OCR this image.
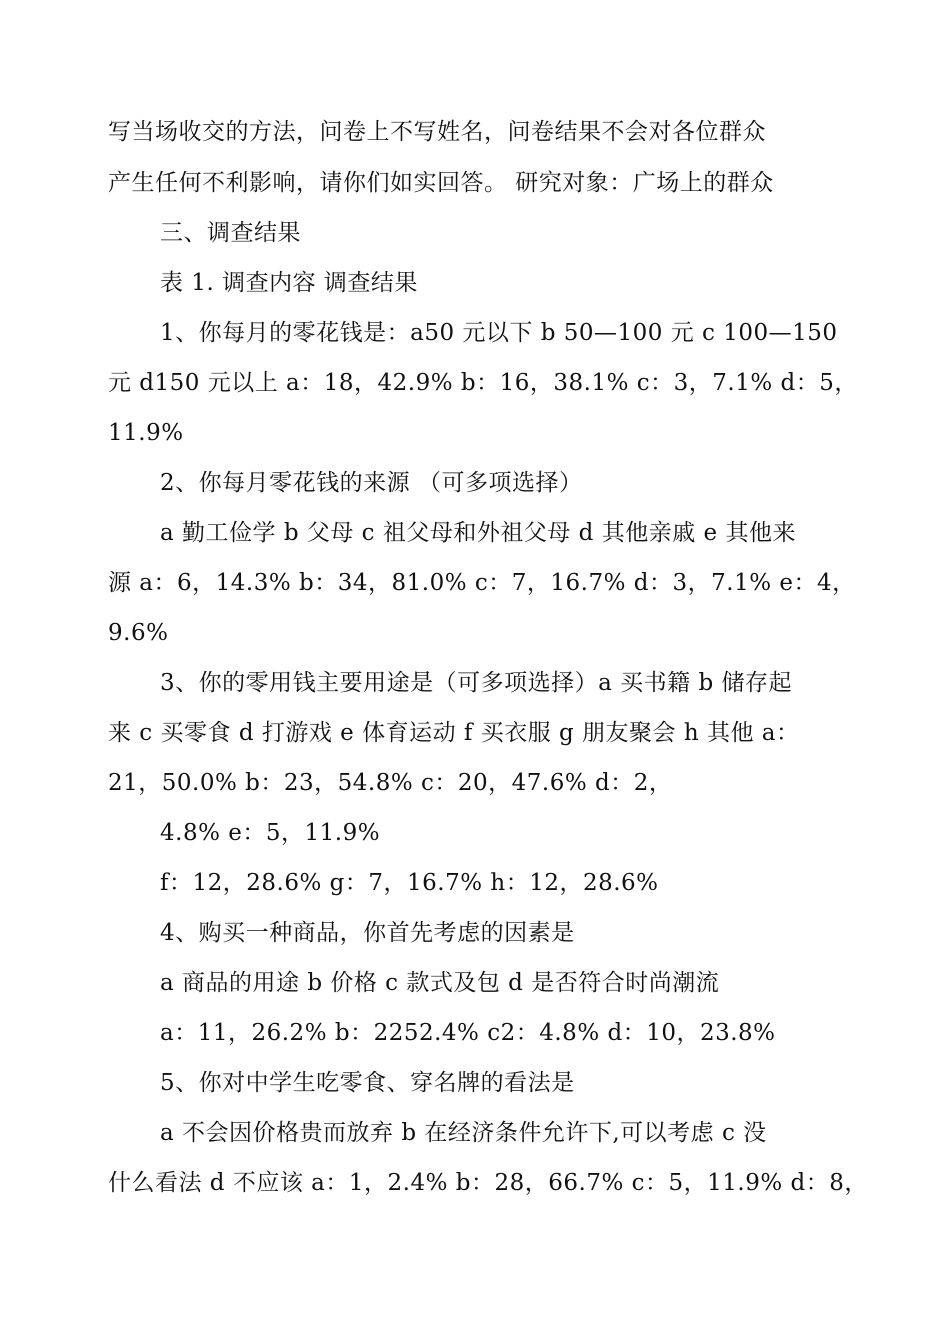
写当场收交的方法，问卷上不写姓名，问卷结果不会对各位群众
产生任何不利影响，请你们如实回答。 研究对象：广场上的群众
三、调查结果
表 1. 调查内容 调查结果
1、你每月的零花钱是：a50 元以下 b 50—100 元 c 100—150
元 d150 元以上 a：18，42.9% b：16，38.1% c：3，7.1% d：5，
11.9%
2、你每月零花钱的来源 （可多项选择）
a 勤工俭学 b 父母 c 祖父母和外祖父母 d 其他亲戚 e 其他来
源 a：6，14.3% b：34，81.0% c：7，16.7% d：3，7.1% e：4，
9.6%
3、你的零用钱主要用途是（可多项选择）a 买书籍 b 储存起
来 c 买零食 d 打游戏 e 体育运动 f 买衣服 g 朋友聚会 h 其他 a：
21，50.0% b：23，54.8% c：20，47.6% d：2，
4.8% e：5，11.9%
f：12，28.6% g：7，16.7% h：12，28.6%
4、购买一种商品，你首先考虑的因素是
a 商品的用途 b 价格 c 款式及包 d 是否符合时尚潮流
a：11，26.2% b：2252.4% c2：4.8% d：10，23.8%
5、你对中学生吃零食、穿名牌的看法是
a 不会因价格贵而放弃 b 在经济条件允许下,可以考虑 c 没
什么看法 d 不应该 a：1，2.4% b：28，66.7% c：5，11.9% d：8，
